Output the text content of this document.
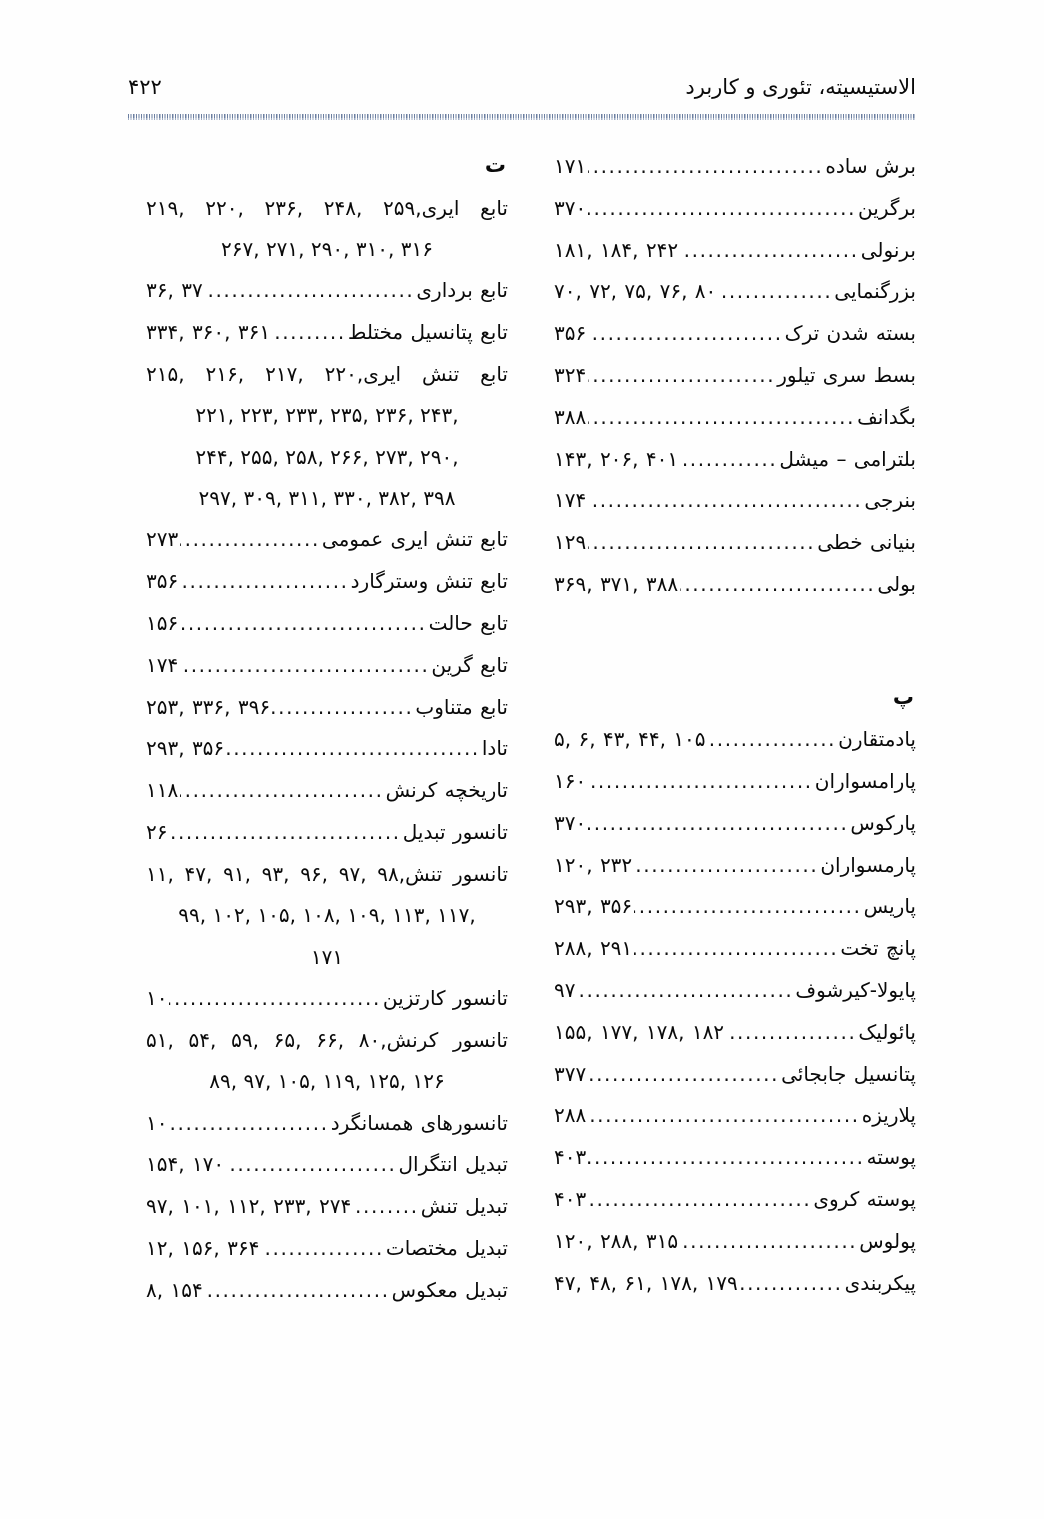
الاستیسیته، تئوری و کاربرد
۴۲۲
برش ساده
.....
۱۷۱
برگرین
.....
۳۷۰
برنولی
.....
۱۸۱, ۱۸۴, ۲۴۲
بزرگنمایی
.....
۷۰, ۷۲, ۷۵, ۷۶, ۸۰
بسته شدن ترک
.....
۳۵۶
بسط سری تیلور
.....
۳۲۴
بگدانف
.....
۳۸۸
بلترامی – میشل
.....
۱۴۳, ۲۰۶, ۴۰۱
بنرجی
.....
۱۷۴
بنیانی خطی
.....
۱۲۹
بولی
.....
۳۶۹, ۳۷۱, ۳۸۸
پ
پادمتقارن
.....
۵, ۶, ۴۳, ۴۴, ۱۰۵
پارامسواران
.....
۱۶۰
پارکوس
.....
۳۷۰
پارمسواران
.....
۱۲۰, ۲۳۲
پاریس
.....
۲۹۳, ۳۵۶
پانچ تخت
.....
۲۸۸, ۲۹۱
پایولا-کیرشوف
.....
۹۷
پائولیک
.....
۱۵۵, ۱۷۷, ۱۷۸, ۱۸۲
پتانسیل جابجائی
.....
۳۷۷
پلاریزه
.....
۲۸۸
پوسته
.....
۴۰۳
پوسته کروی
.....
۴۰۳
پولوس
.....
۱۲۰, ۲۸۸, ۳۱۵
پیکربندی
.....
۴۷, ۴۸, ۶۱, ۱۷۸, ۱۷۹
ت
تابع ایری۲۱۹, ۲۲۰, ۲۳۶, ۲۴۸, ۲۵۹,
۲۶۷, ۲۷۱, ۲۹۰, ۳۱۰, ۳۱۶
تابع برداری
.....
۳۶, ۳۷
تابع پتانسیل مختلط
.....
۳۳۴, ۳۶۰, ۳۶۱
تابع تنش ایری۲۱۵, ۲۱۶, ۲۱۷, ۲۲۰,
۲۲۱, ۲۲۳, ۲۳۳, ۲۳۵, ۲۳۶, ۲۴۳,
۲۴۴, ۲۵۵, ۲۵۸, ۲۶۶, ۲۷۳, ۲۹۰,
۲۹۷, ۳۰۹, ۳۱۱, ۳۳۰, ۳۸۲, ۳۹۸
تابع تنش ایری عمومی
.....
۲۷۳
تابع تنش وسترگارد
.....
۳۵۶
تابع حالت
.....
۱۵۶
تابع گرین
.....
۱۷۴
تابع متناوب
.....
۲۵۳, ۳۳۶, ۳۹۶
تادا
.....
۲۹۳, ۳۵۶
تاریخچه کرنش
.....
۱۱۸
تانسور تبدیل
.....
۲۶
تانسور تنش۱۱, ۴۷, ۹۱, ۹۳, ۹۶, ۹۷, ۹۸,
۹۹, ۱۰۲, ۱۰۵, ۱۰۸, ۱۰۹, ۱۱۳, ۱۱۷,
۱۷۱
تانسور کارتزین
.....
۱۰
تانسور کرنش۵۱, ۵۴, ۵۹, ۶۵, ۶۶, ۸۰,
۸۹, ۹۷, ۱۰۵, ۱۱۹, ۱۲۵, ۱۲۶
تانسورهای همسانگرد
.....
۱۰
تبدیل انتگرال
.....
۱۵۴, ۱۷۰
تبدیل تنش
.....
۹۷, ۱۰۱, ۱۱۲, ۲۳۳, ۲۷۴
تبدیل مختصات
.....
۱۲, ۱۵۶, ۳۶۴
تبدیل معکوس
.....
۸, ۱۵۴
